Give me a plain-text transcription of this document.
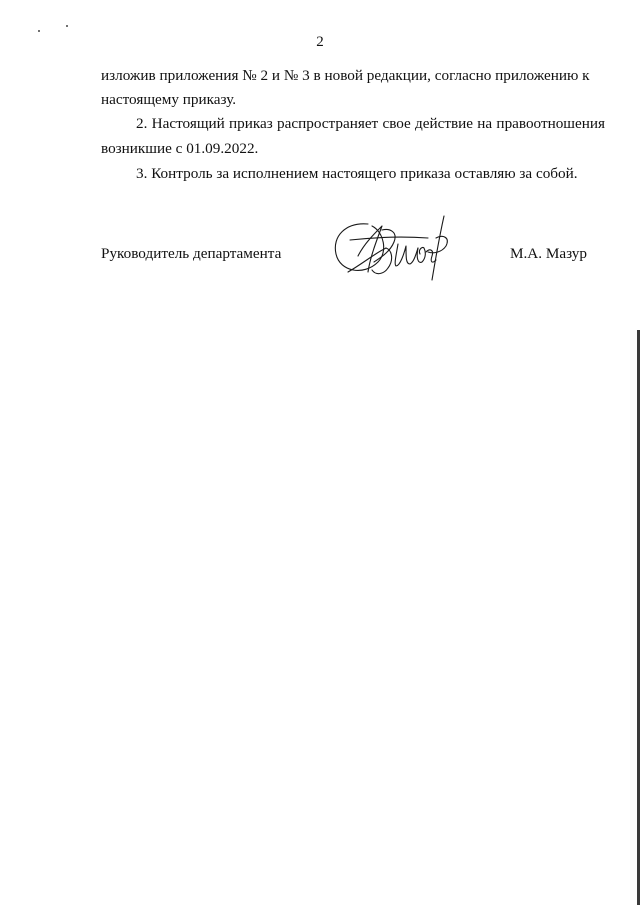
2
изложив приложения № 2 и № 3 в новой редакции, согласно приложению к
настоящему приказу.
2. Настоящий приказ распространяет свое действие на правоотношения
возникшие с 01.09.2022.
3. Контроль за исполнением настоящего приказа оставляю за собой.
Руководитель департамента	М.А. Мазур
